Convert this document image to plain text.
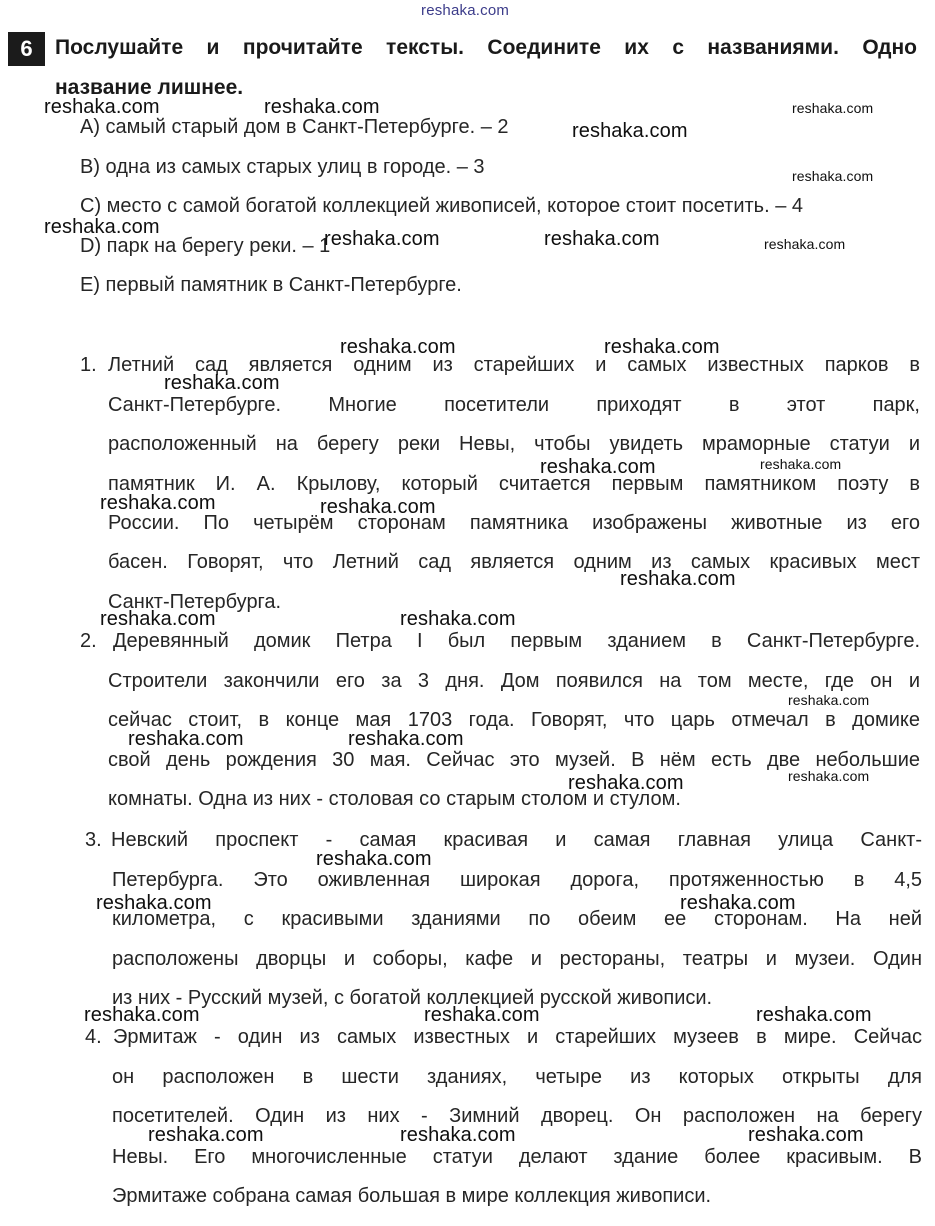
reshaka.com
6	Послушайте и прочитайте тексты. Соедините их с названиями. Одно
название лишнее.
A) самый старый дом в Санкт-Петербурге. – 2
B) одна из самых старых улиц в городе. – 3
C) место с самой богатой коллекцией живописей, которое стоит посетить. – 4
D) парк на берегу реки. – 1
E) первый памятник в Санкт-Петербурге.
1. Летний сад является одним из старейших и самых известных парков в
Санкт-Петербурге. Многие посетители приходят в этот парк,
расположенный на берегу реки Невы, чтобы увидеть мраморные статуи и
памятник И. А. Крылову, который считается первым памятником поэту в
России. По четырём сторонам памятника изображены животные из его
басен. Говорят, что Летний сад является одним из самых красивых мест
Санкт-Петербурга.
2. Деревянный домик Петра I был первым зданием в Санкт-Петербурге.
Строители закончили его за 3 дня. Дом появился на том месте, где он и
сейчас стоит, в конце мая 1703 года. Говорят, что царь отмечал в домике
свой день рождения 30 мая. Сейчас это музей. В нём есть две небольшие
комнаты. Одна из них - столовая со старым столом и стулом.
3. Невский проспект - самая красивая и самая главная улица Санкт-
Петербурга. Это оживленная широкая дорога, протяженностью в 4,5
километра, с красивыми зданиями по обеим ее сторонам. На ней
расположены дворцы и соборы, кафе и рестораны, театры и музеи. Один
из них - Русский музей, с богатой коллекцией русской живописи.
4. Эрмитаж - один из самых известных и старейших музеев в мире. Сейчас
он расположен в шести зданиях, четыре из которых открыты для
посетителей. Один из них - Зимний дворец. Он расположен на берегу
Невы. Его многочисленные статуи делают здание более красивым. В
Эрмитаже собрана самая большая в мире коллекция живописи.
reshaka.com	reshaka.com	reshaka.com
reshaka.com
reshaka.com
reshaka.com
reshaka.com	reshaka.com	reshaka.com
reshaka.com	reshaka.com
reshaka.com
reshaka.com	reshaka.com
reshaka.com	reshaka.com
reshaka.com
reshaka.com	reshaka.com
reshaka.com
reshaka.com	reshaka.com
reshaka.com
reshaka.com
reshaka.com
reshaka.com	reshaka.com
reshaka.com	reshaka.com	reshaka.com
reshaka.com	reshaka.com	reshaka.com
